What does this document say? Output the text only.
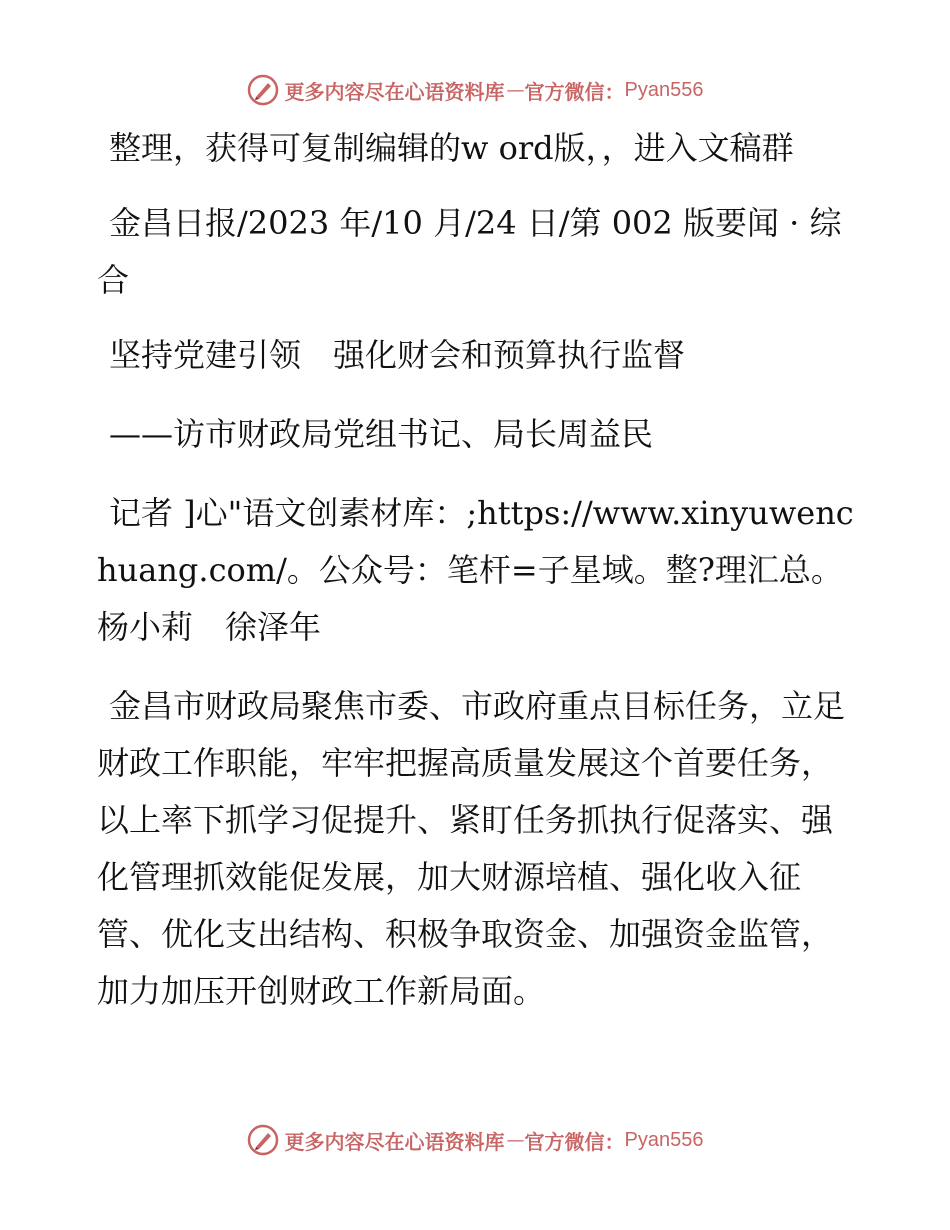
更多内容尽在心语资料库 — 官方微信： Pyan556

整理，获得可复制编辑的w ord版，，进入文稿群

金昌日报/2023 年/10 月/24 日/第 002 版要闻 · 综合

坚持党建引领　强化财会和预算执行监督

——访市财政局党组书记、局长周益民

记者 ]心"语文创素材库：;https://www.xinyuwenchuang.com/。公众号：笔杆=子星域。整?理汇总。　杨小莉　徐泽年

金昌市财政局聚焦市委、市政府重点目标任务，立足财政工作职能，牢牢把握高质量发展这个首要任务，以上率下抓学习促提升、紧盯任务抓执行促落实、强化管理抓效能促发展，加大财源培植、强化收入征管、优化支出结构、积极争取资金、加强资金监管，加力加压开创财政工作新局面。

更多内容尽在心语资料库 — 官方微信： Pyan556
